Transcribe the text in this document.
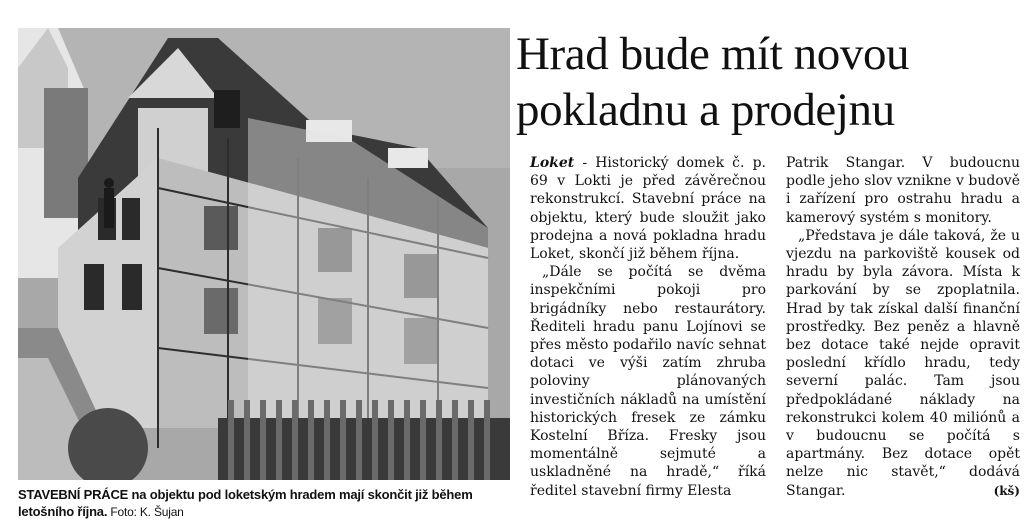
STAVEBNÍ PRÁCE na objektu pod loketským hradem mají skončit již během letošního října. Foto: K. Šujan
Hrad bude mít novou pokladnu a prodejnu

Loket - Historický domek č. p. 69 v Lokti je před závěrečnou rekonstrukcí. Stavební práce na objektu, který bude sloužit jako prodejna a nová pokladna hradu Loket, skončí již během října.

„Dále se počítá se dvěma inspekčními pokoji pro brigádníky nebo restaurátory. Řediteli hradu panu Lojínovi se přes město podařilo navíc sehnat dotaci ve výši zatím zhruba poloviny plánovaných investičních nákladů na umístění historických fresek ze zámku Kostelní Bříza. Fresky jsou momentálně sejmuté a uskladněné na hradě,“ říká ředitel stavební firmy Elesta

Patrik Stangar. V budoucnu podle jeho slov vznikne v budově i zařízení pro ostrahu hradu a kamerový systém s monitory.

„Představa je dále taková, že u vjezdu na parkoviště kousek od hradu by byla závora. Místa k parkování by se zpoplatnila. Hrad by tak získal další finanční prostředky. Bez peněz a hlavně bez dotace také nejde opravit poslední křídlo hradu, tedy severní palác. Tam jsou předpokládané náklady na rekonstrukci kolem 40 miliónů a v budoucnu se počítá s apartmány. Bez dotace opět nelze nic stavět,“ dodává Stangar.	(kš)
